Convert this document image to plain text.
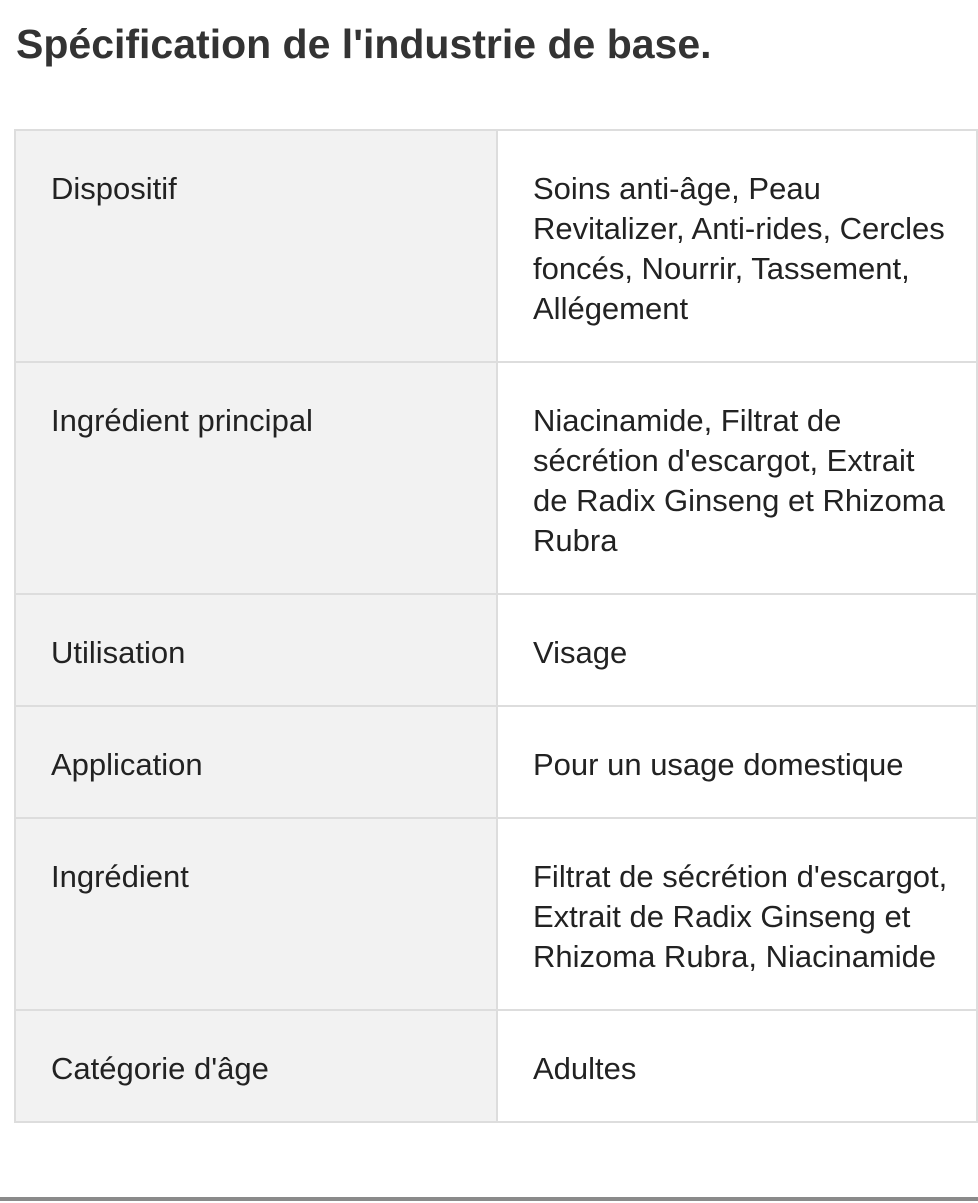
Spécification de l'industrie de base.
Dispositif	Soins anti-âge, Peau Revitalizer, Anti-rides, Cercles foncés, Nourrir, Tassement, Allégement
Ingrédient principal	Niacinamide, Filtrat de sécrétion d'escargot, Extrait de Radix Ginseng et Rhizoma Rubra
Utilisation	Visage
Application	Pour un usage domestique
Ingrédient	Filtrat de sécrétion d'escargot, Extrait de Radix Ginseng et Rhizoma Rubra, Niacinamide
Catégorie d'âge	Adultes
